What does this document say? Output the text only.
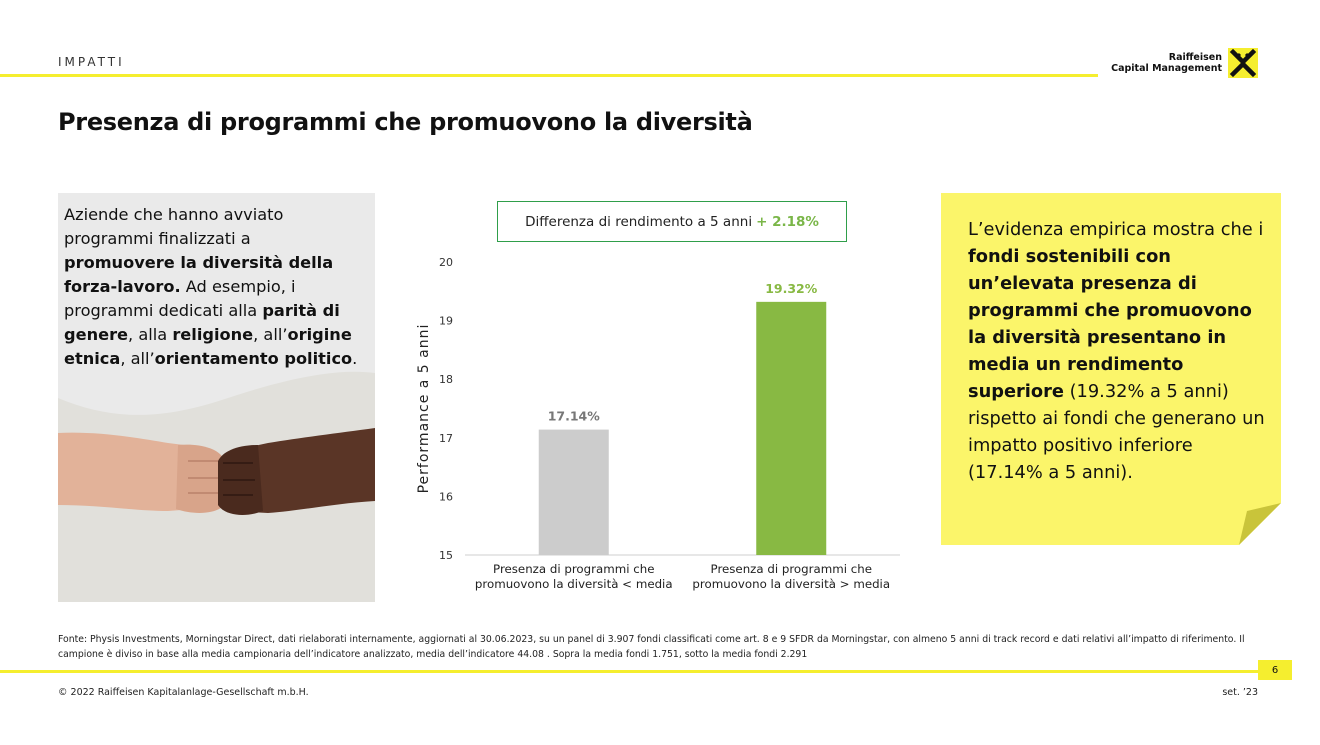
IMPATTI	Raiffeisen
Capital Management
Presenza di programmi che promuovono la diversità
Aziende che hanno avviato programmi finalizzati a promuovere la diversità della forza-lavoro. Ad esempio, i programmi dedicati alla parità di genere, alla religione, all’origine etnica, all’orientamento politico.
Differenza di rendimento a 5 anni + 2.18%
15
16
17
18
19
20
Performance a 5 anni	17.14%
Presenza di programmi che
promuovono la diversità < media
19.32%
Presenza di programmi che
promuovono la diversità > media
L’evidenza empirica mostra che i fondi sostenibili con un’elevata presenza di programmi che promuovono la diversità presentano in media un rendimento superiore (19.32% a 5 anni) rispetto ai fondi che generano un impatto positivo inferiore (17.14% a 5 anni).
Fonte: Physis Investments, Morningstar Direct, dati rielaborati internamente, aggiornati al 30.06.2023, su un panel di 3.907 fondi classificati come art. 8 e 9 SFDR da Morningstar, con almeno 5 anni di track record e dati relativi all’impatto di riferimento. Il campione è diviso in base alla media campionaria dell’indicatore analizzato, media dell’indicatore 44.08 . Sopra la media fondi 1.751, sotto la media fondi 2.291
6
© 2022 Raiffeisen Kapitalanlage-Gesellschaft m.b.H.	set. ’23
